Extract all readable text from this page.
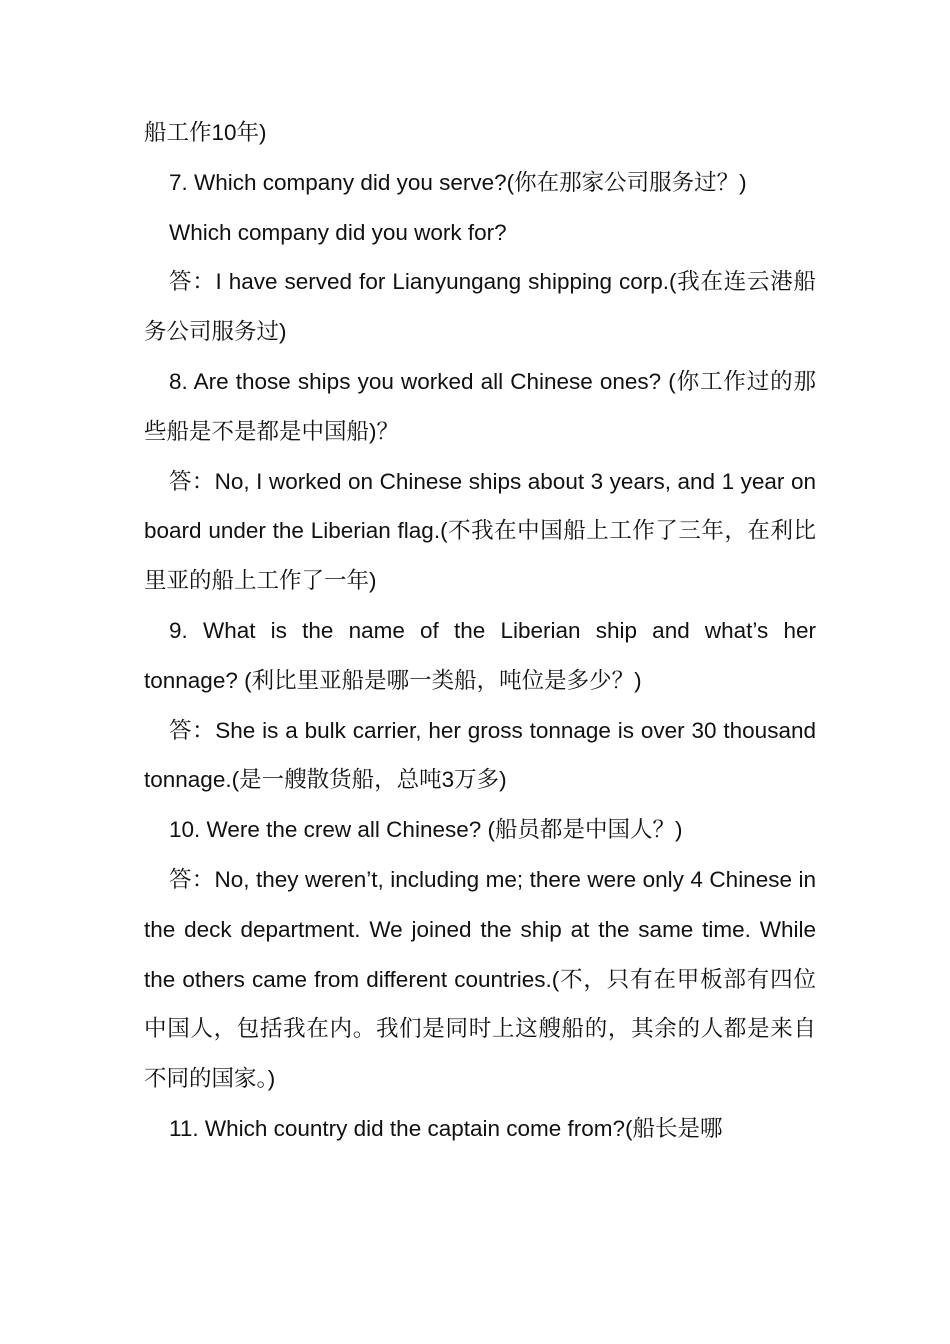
船工作10年)

7. Which company did you serve?(你在那家公司服务过？)

Which company did you work for?

答：I have served for Lianyungang shipping corp.(我在连云港船务公司服务过)

8. Are those ships you worked all Chinese ones? (你工作过的那些船是不是都是中国船)？

答：No, I worked on Chinese ships about 3 years, and 1 year on board under the Liberian flag.(不我在中国船上工作了三年，在利比里亚的船上工作了一年)

9. What is the name of the Liberian ship and what’s her tonnage? (利比里亚船是哪一类船，吨位是多少？)

答：She is a bulk carrier, her gross tonnage is over 30 thousand tonnage.(是一艘散货船，总吨3万多)

10. Were the crew all Chinese? (船员都是中国人？)

答：No, they weren’t, including me; there were only 4 Chinese in the deck department. We joined the ship at the same time. While the others came from different countries.(不，只有在甲板部有四位中国人，包括我在内。我们是同时上这艘船的，其余的人都是来自不同的国家。)

11. Which country did the captain come from?(船长是哪
